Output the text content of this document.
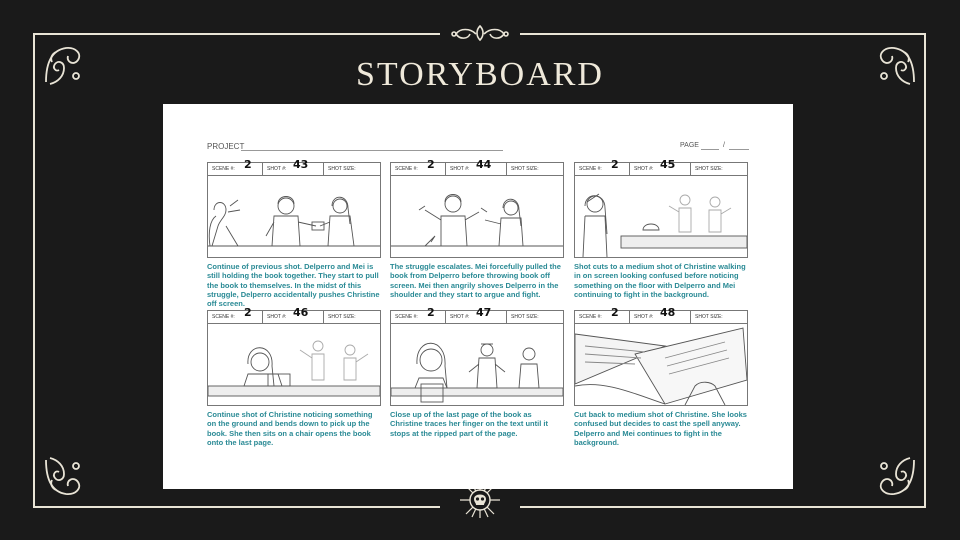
STORYBOARD
PROJECT	PAGE	/
SCENE #: 2	SHOT #: 43	SHOT SIZE:
Continue of previous shot. Delperro and Mei is still holding the book together. They start to pull the book to themselves. In the midst of this struggle, Delperro accidentally pushes Christine off screen.
SCENE #: 2	SHOT #: 44	SHOT SIZE:
The struggle escalates. Mei forcefully pulled the book from Delperro before throwing book off screen. Mei then angrily shoves Delperro in the shoulder and they start to argue and fight.
SCENE #: 2	SHOT #: 45	SHOT SIZE:
Shot cuts to a medium shot of Christine walking in on screen looking confused before noticing something on the floor with Delperro and Mei continuing to fight in the background.
SCENE #: 2	SHOT #: 46	SHOT SIZE:
Continue shot of Christine noticing something on the ground and bends down to pick up the book. She then sits on a chair opens the book onto the last page.
SCENE #: 2	SHOT #: 47	SHOT SIZE:
Close up of the last page of the book as Christine traces her finger on the text until it stops at the ripped part of the page.
SCENE #: 2	SHOT #: 48	SHOT SIZE:
Cut back to medium shot of Christine. She looks confused but decides to cast the spell anyway. Delperro and Mei continues to fight in the background.
